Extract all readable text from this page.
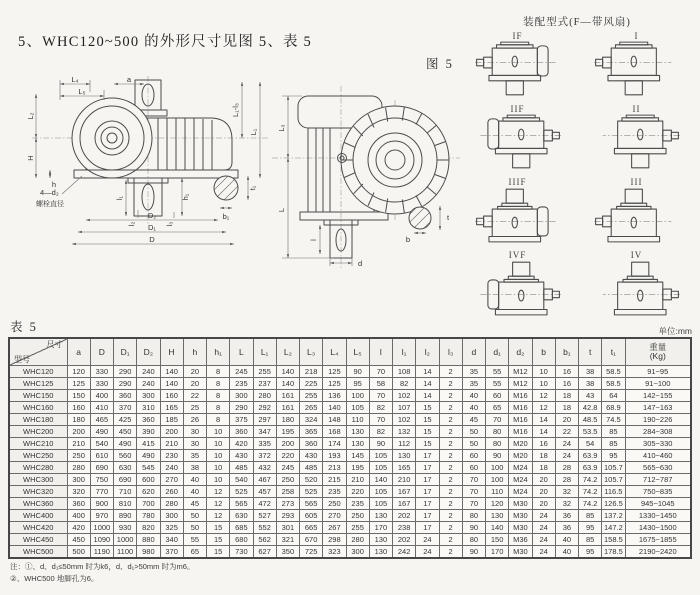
5、WHC120~500 的外形尺寸见图 5、表 5
图 5
L₄
L₅
a
L₂
H
h
L₁-l₃
L₁
l₁	h₁
l₂	l₃
D₂
D₁
D
4—d₂
螺栓直径
t₁
b₁
L₃
L
l
d
b
t
装配型式(F—带风扇)
IF	I
IIF	II
IIIF	III
IVF	IV
表 5	单位:mm
尺寸
型号	a	D	D₁	D₂	H	h	h₁	L	L₁	L₂	L₃	L₄	L₅	l	l₁	l₂	l₃	d	d₁	d₂	b	b₁	t	t₁	重量
(Kg)
WHC120	120	330	290	240	140	20	8	245	255	140	218	125	90	70	108	14	2	35	55	M12	10	16	38	58.5	91~95
WHC125	125	330	290	240	140	20	8	235	237	140	225	125	95	58	82	14	2	35	55	M12	10	16	38	58.5	91~100
WHC150	150	400	360	300	160	22	8	300	280	161	255	136	100	70	102	14	2	40	60	M16	12	18	43	64	142~155
WHC160	160	410	370	310	165	25	8	290	292	161	265	140	105	82	107	15	2	40	65	M16	12	18	42.8	68.9	147~163
WHC180	180	465	425	360	185	26	8	375	297	180	324	148	110	70	102	15	2	45	70	M16	14	20	48.5	74.5	190~226
WHC200	200	490	450	390	200	30	10	360	347	195	365	168	130	82	132	15	2	50	80	M16	14	22	53.5	85	284~308
WHC210	210	540	490	415	210	30	10	420	335	200	360	174	130	90	112	15	2	50	80	M20	16	24	54	85	305~330
WHC250	250	610	560	490	230	35	10	430	372	220	430	193	145	105	130	17	2	60	90	M20	18	24	63.9	95	410~460
WHC280	280	690	630	545	240	38	10	485	432	245	485	213	195	105	165	17	2	60	100	M24	18	28	63.9	105.7	565~630
WHC300	300	750	690	600	270	40	10	540	467	250	520	215	210	140	210	17	2	70	100	M24	20	28	74.2	105.7	712~787
WHC320	320	770	710	620	260	40	12	525	457	258	525	235	220	105	167	17	2	70	110	M24	20	32	74.2	116.5	750~835
WHC360	360	900	810	700	280	45	12	565	472	273	565	250	235	105	167	17	2	70	120	M30	20	32	74.2	126.5	945~1045
WHC400	400	970	890	780	300	50	12	630	527	293	605	270	250	130	202	17	2	80	130	M30	24	36	85	137.2	1330~1450
WHC420	420	1000	930	820	325	50	15	685	552	301	665	267	255	170	238	17	2	90	140	M30	24	36	95	147.2	1430~1500
WHC450	450	1090	1000	880	340	55	15	680	562	321	670	298	280	130	202	24	2	80	150	M36	24	40	85	158.5	1675~1855
WHC500	500	1190	1100	980	370	65	15	730	627	350	725	323	300	130	242	24	2	90	170	M30	24	40	95	178.5	2190~2420
注：①、d、d₁≤50mm 时为k6，d、d₁>50mm 时为m6。
②、WHC500 地脚孔为6。
